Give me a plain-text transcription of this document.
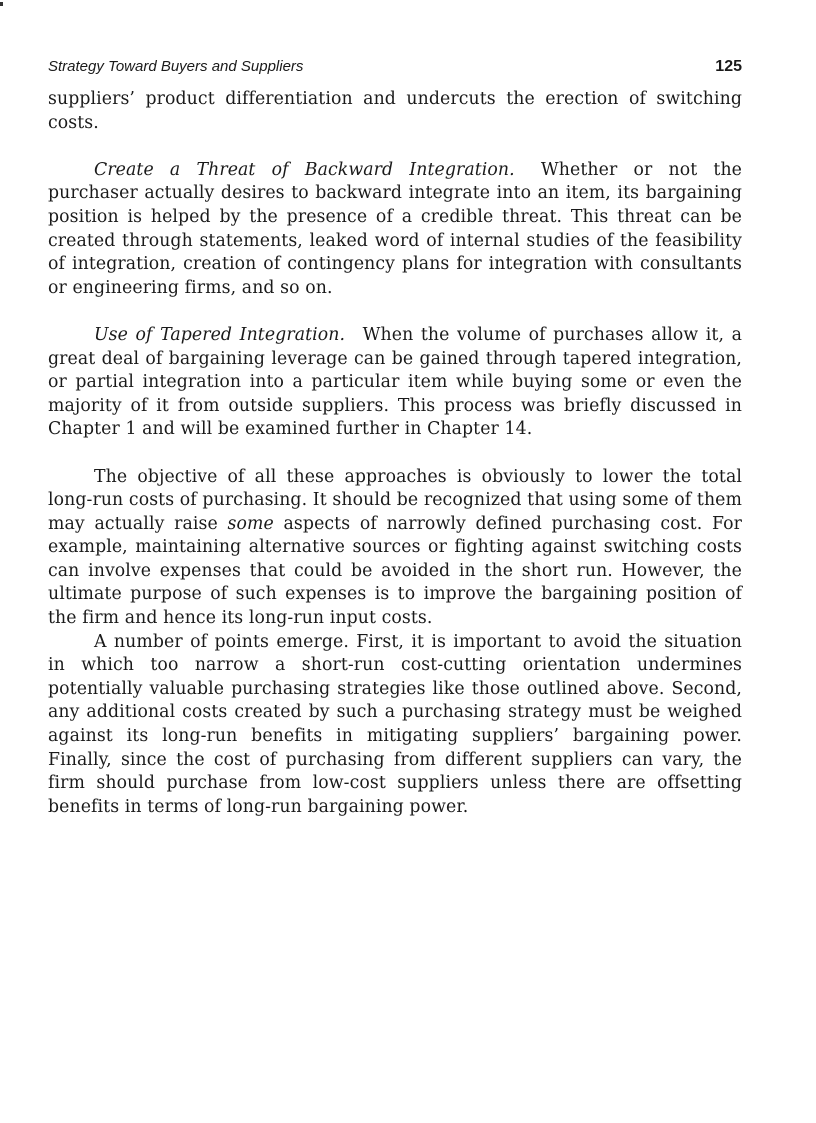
Strategy Toward Buyers and Suppliers	125

suppliers’ product differentiation and undercuts the erection of switching costs.

Create a Threat of Backward Integration. Whether or not the purchaser actually desires to backward integrate into an item, its bargaining position is helped by the presence of a credible threat. This threat can be created through statements, leaked word of internal studies of the feasibility of integration, creation of contingency plans for integration with consultants or engineering firms, and so on.

Use of Tapered Integration. When the volume of purchases allow it, a great deal of bargaining leverage can be gained through tapered integration, or partial integration into a particular item while buying some or even the majority of it from outside suppliers. This process was briefly discussed in Chapter 1 and will be examined further in Chapter 14.

The objective of all these approaches is obviously to lower the total long-run costs of purchasing. It should be recognized that using some of them may actually raise some aspects of narrowly defined purchasing cost. For example, maintaining alternative sources or fighting against switching costs can involve expenses that could be avoided in the short run. However, the ultimate purpose of such expenses is to improve the bargaining position of the firm and hence its long-run input costs.

A number of points emerge. First, it is important to avoid the situation in which too narrow a short-run cost-cutting orientation undermines potentially valuable purchasing strategies like those outlined above. Second, any additional costs created by such a purchasing strategy must be weighed against its long-run benefits in mitigating suppliers’ bargaining power. Finally, since the cost of purchasing from different suppliers can vary, the firm should purchase from low-cost suppliers unless there are offsetting benefits in terms of long-run bargaining power.
